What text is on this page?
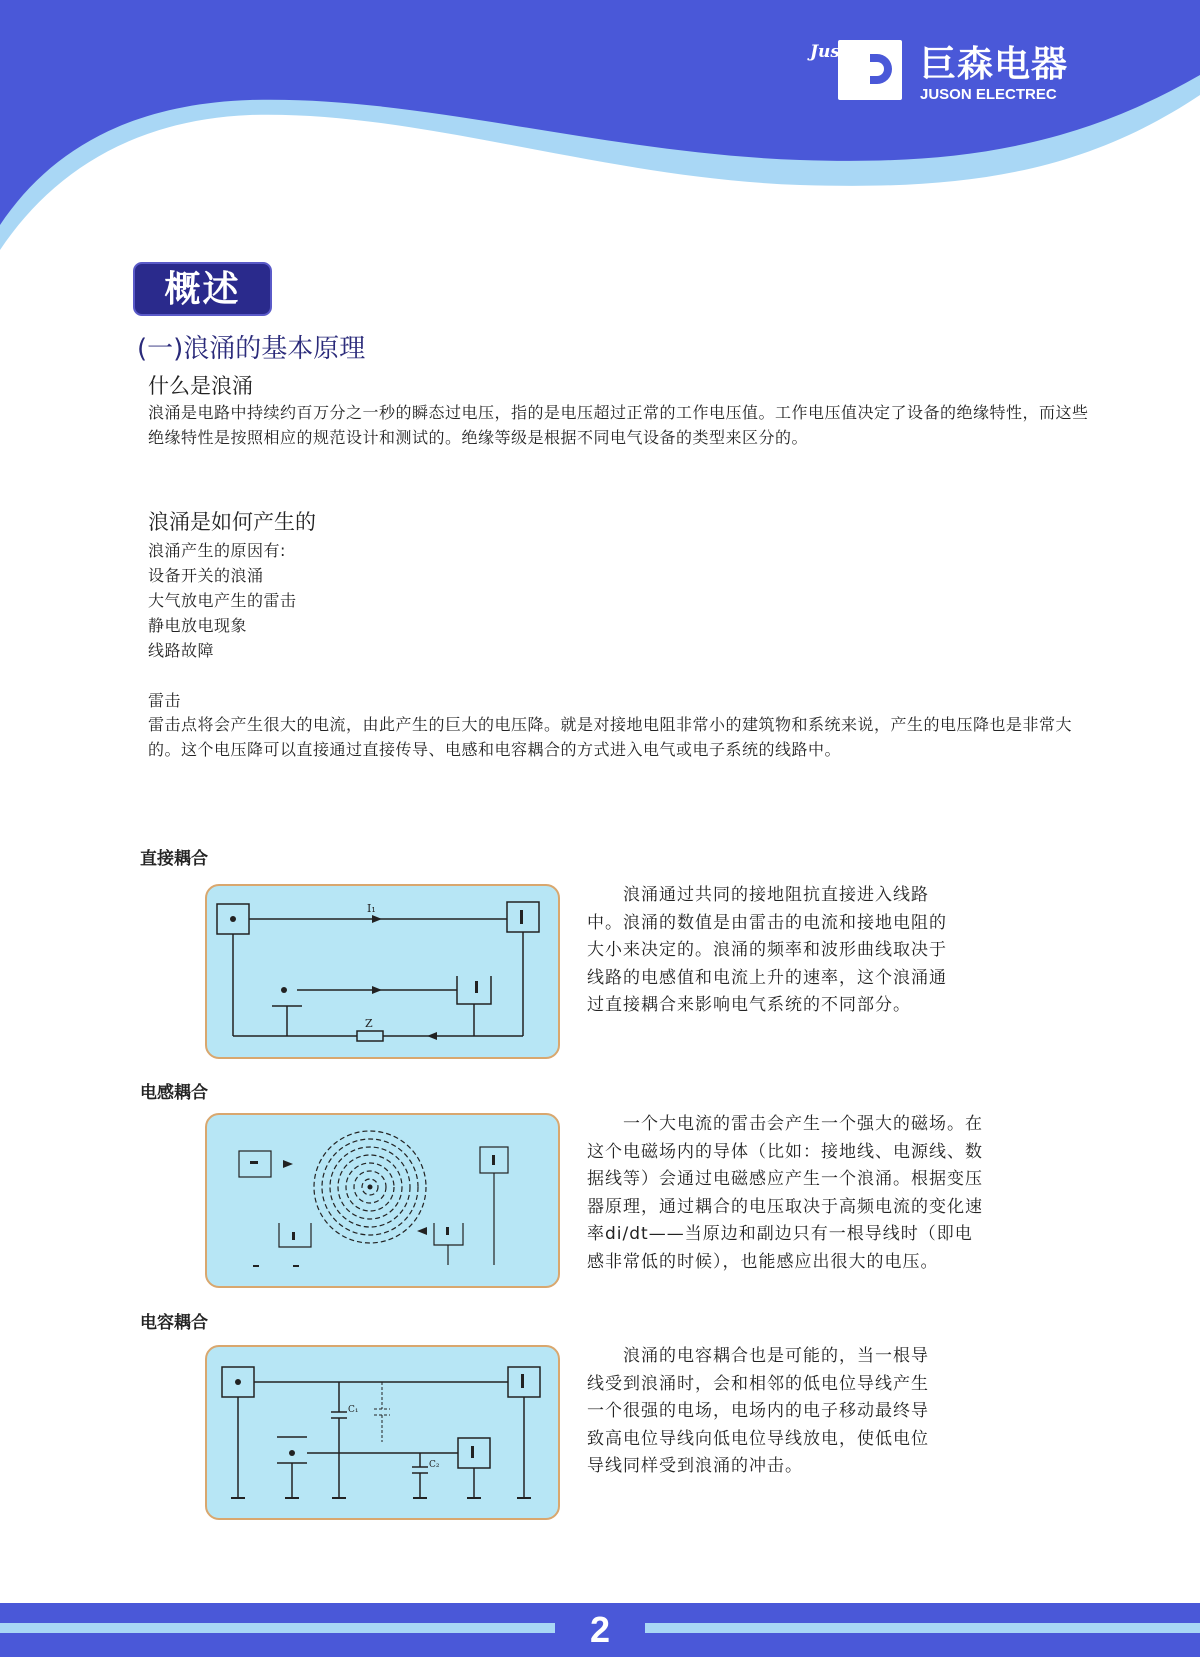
Juson 巨森电器
JUSON ELECTREC
概述
(一)浪涌的基本原理
什么是浪涌
浪涌是电路中持续约百万分之一秒的瞬态过电压，指的是电压超过正常的工作电压值。工作电压值决定了设备的绝缘特性，而这些绝缘特性是按照相应的规范设计和测试的。绝缘等级是根据不同电气设备的类型来区分的。
浪涌是如何产生的
浪涌产生的原因有:
设备开关的浪涌
大气放电产生的雷击
静电放电现象
线路故障
雷击
雷击点将会产生很大的电流，由此产生的巨大的电压降。就是对接地电阻非常小的建筑物和系统来说，产生的电压降也是非常大的。这个电压降可以直接通过直接传导、电感和电容耦合的方式进入电气或电子系统的线路中。
直接耦合
I₁
Z
　　浪涌通过共同的接地阻抗直接进入线路
中。浪涌的数值是由雷击的电流和接地电阻的
大小来决定的。浪涌的频率和波形曲线取决于
线路的电感值和电流上升的速率，这个浪涌通
过直接耦合来影响电气系统的不同部分。
电感耦合
　　一个大电流的雷击会产生一个强大的磁场。在
这个电磁场内的导体（比如：接地线、电源线、数
据线等）会通过电磁感应产生一个浪涌。根据变压
器原理，通过耦合的电压取决于高频电流的变化速
率di/dt——当原边和副边只有一根导线时（即电
感非常低的时候），也能感应出很大的电压。
电容耦合
C₁
C₂
　　浪涌的电容耦合也是可能的，当一根导
线受到浪涌时，会和相邻的低电位导线产生
一个很强的电场，电场内的电子移动最终导
致高电位导线向低电位导线放电，使低电位
导线同样受到浪涌的冲击。
2
